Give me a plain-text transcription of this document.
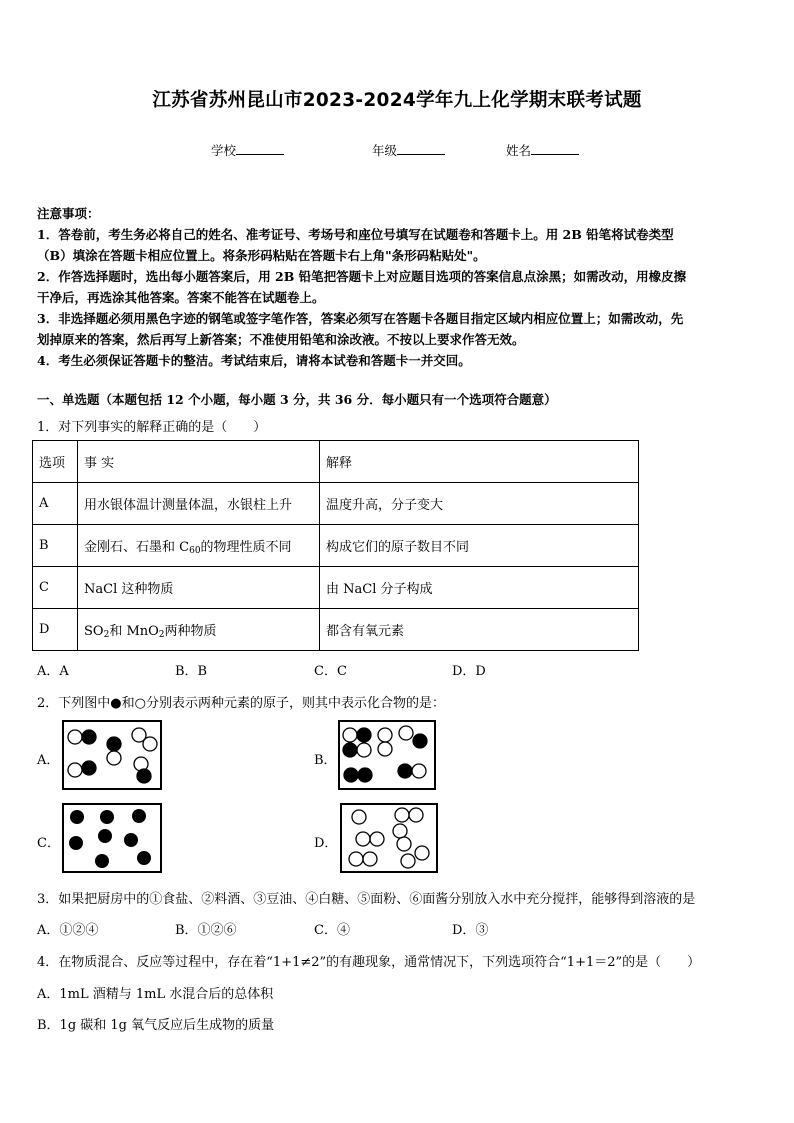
江苏省苏州昆山市2023-2024学年九上化学期末联考试题
学校	年级	姓名
注意事项：
1．答卷前，考生务必将自己的姓名、准考证号、考场号和座位号填写在试题卷和答题卡上。用 2B 铅笔将试卷类型
（B）填涂在答题卡相应位置上。将条形码粘贴在答题卡右上角"条形码粘贴处"。
2．作答选择题时，选出每小题答案后，用 2B 铅笔把答题卡上对应题目选项的答案信息点涂黑；如需改动，用橡皮擦
干净后，再选涂其他答案。答案不能答在试题卷上。
3．非选择题必须用黑色字迹的钢笔或签字笔作答，答案必须写在答题卡各题目指定区域内相应位置上；如需改动，先
划掉原来的答案，然后再写上新答案；不准使用铅笔和涂改液。不按以上要求作答无效。
4．考生必须保证答题卡的整洁。考试结束后，请将本试卷和答题卡一并交回。
一、单选题（本题包括 12 个小题，每小题 3 分，共 36 分．每小题只有一个选项符合题意）
1．对下列事实的解释正确的是（　　）
选项	事 实	解释
A	用水银体温计测量体温，水银柱上升	温度升高，分子变大
B	金刚石、石墨和 $C_{60}$的物理性质不同	构成它们的原子数目不同
C	NaCl 这种物质	由 NaCl 分子构成
D	$SO_2$和 MnO$_2$两种物质	都含有氧元素
A．A	B．B	C．C	D．D
2．下列图中●和○分别表示两种元素的原子，则其中表示化合物的是：
A．	B．
C．	D．
3．如果把厨房中的①食盐、②料酒、③豆油、④白糖、⑤面粉、⑥面酱分别放入水中充分搅拌，能够得到溶液的是
A．①②④	B．①②⑥	C．④	D．③
4．在物质混合、反应等过程中，存在着“1+1≠2”的有趣现象，通常情况下，下列选项符合“1+1＝2”的是（　　）
A．1mL 酒精与 1mL 水混合后的总体积
B．1g 碳和 1g 氧气反应后生成物的质量
